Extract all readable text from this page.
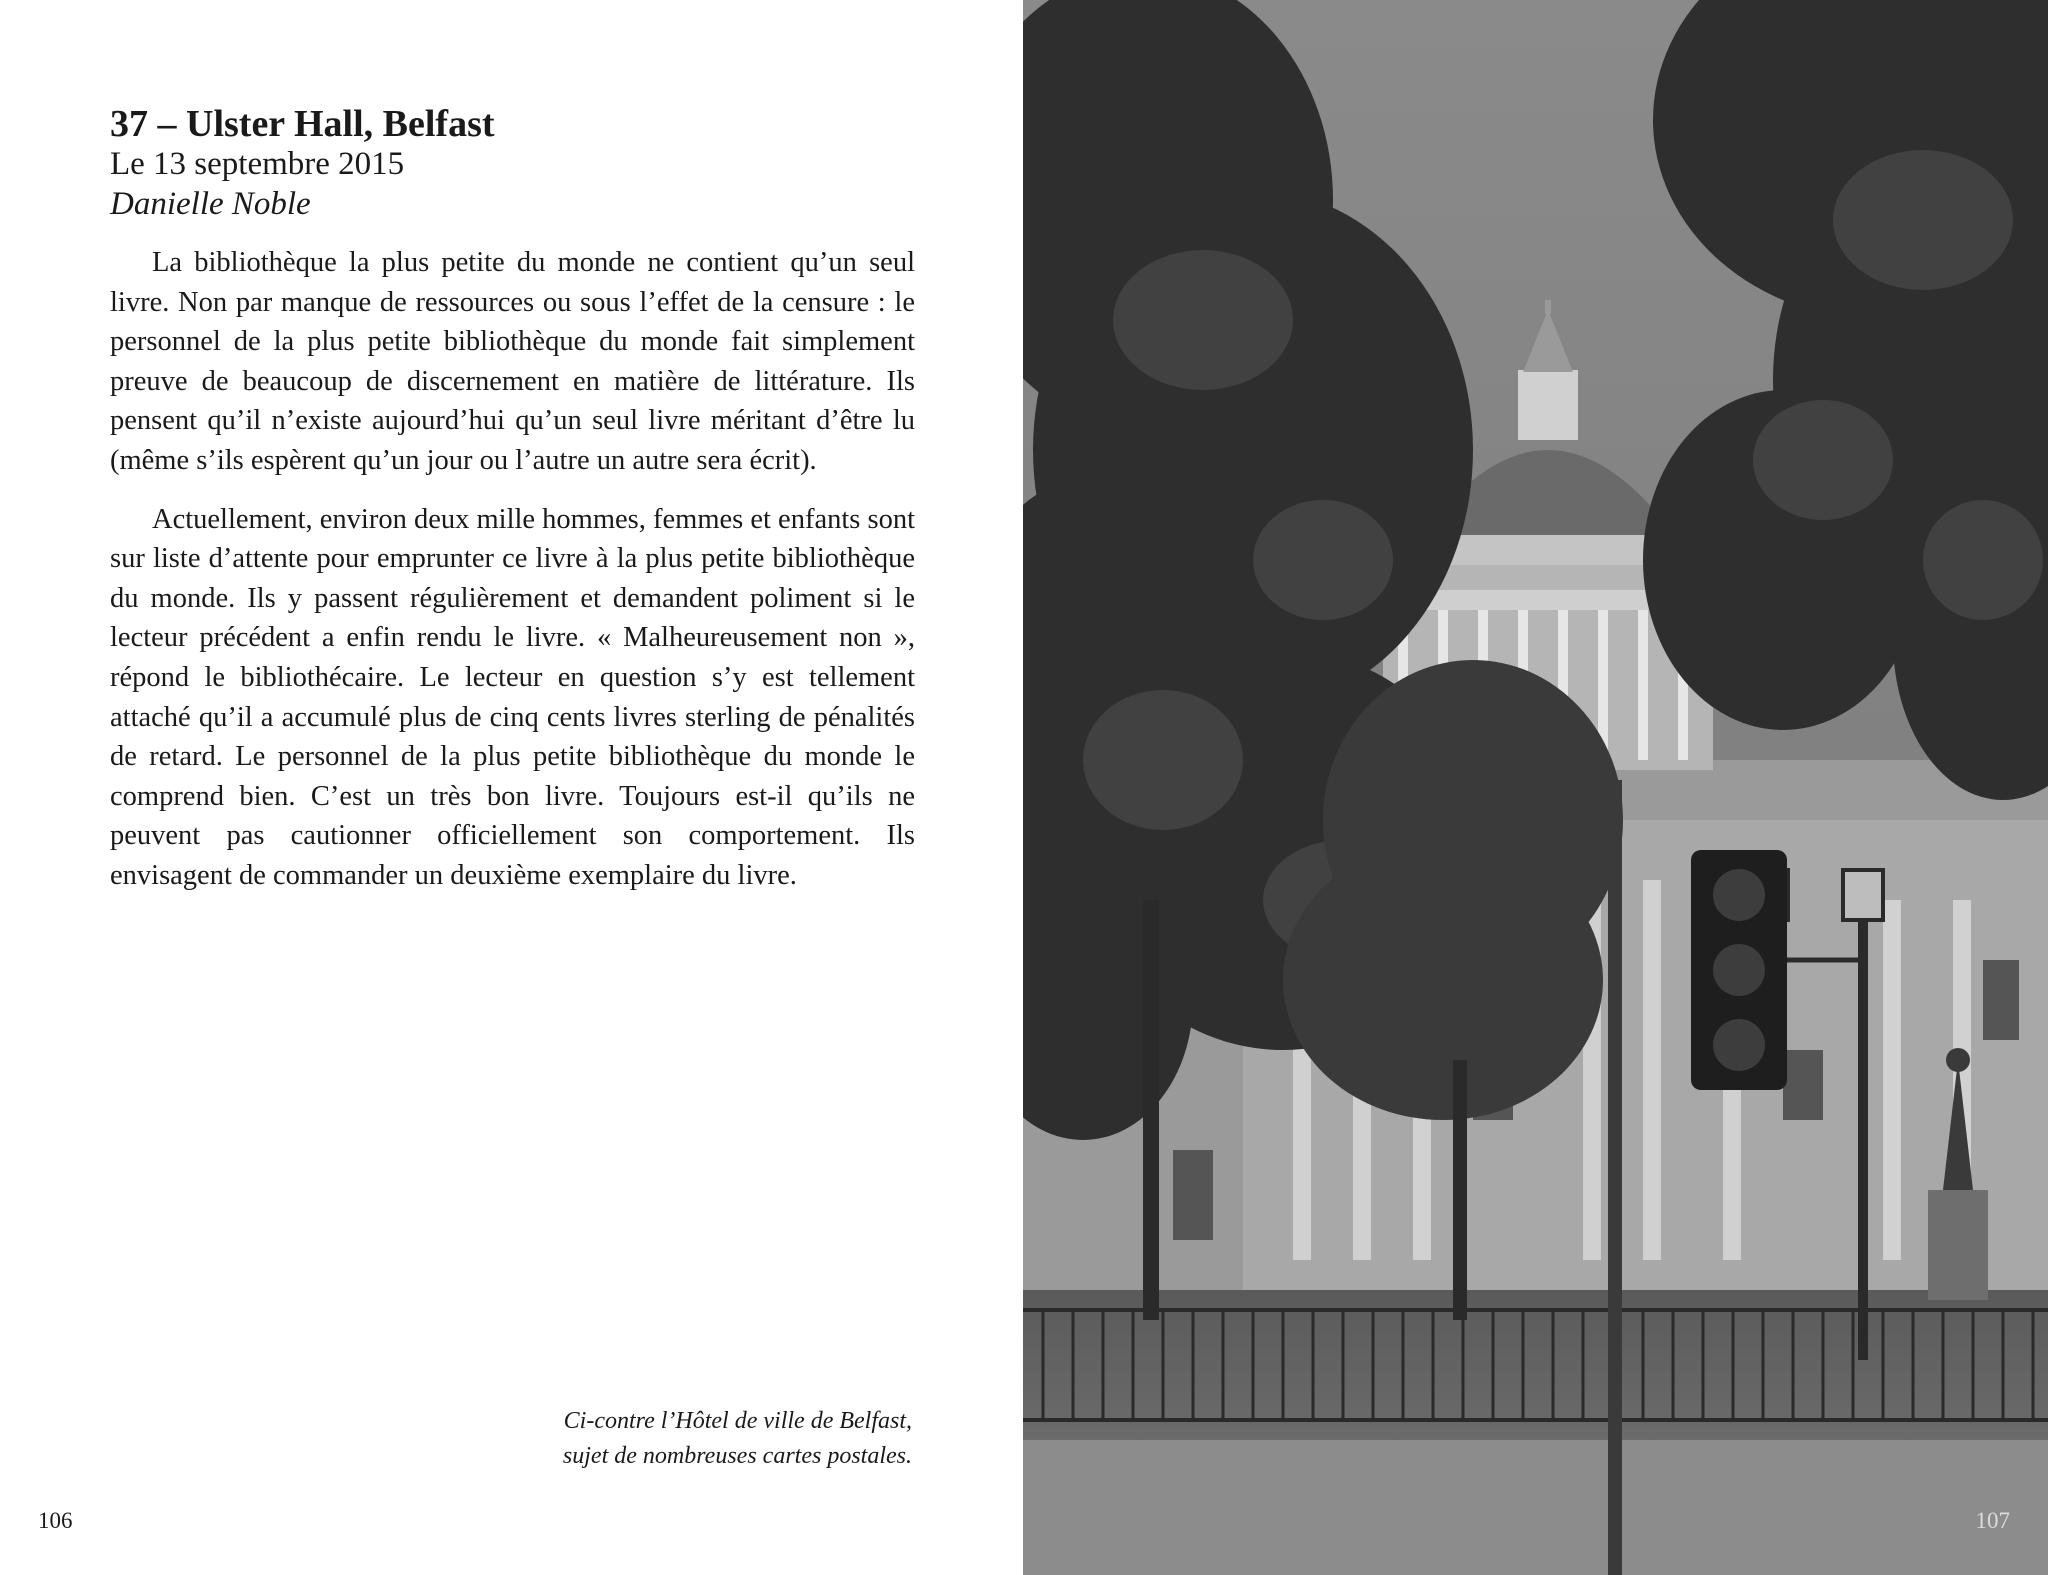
37 – Ulster Hall, Belfast

Le 13 septembre 2015

Danielle Noble

La bibliothèque la plus petite du monde ne contient qu’un seul livre. Non par manque de ressources ou sous l’effet de la censure : le personnel de la plus petite bibliothèque du monde fait simplement preuve de beaucoup de discernement en matière de littérature. Ils pensent qu’il n’existe aujourd’hui qu’un seul livre méritant d’être lu (même s’ils espèrent qu’un jour ou l’autre un autre sera écrit).

Actuellement, environ deux mille hommes, femmes et enfants sont sur liste d’attente pour emprunter ce livre à la plus petite bibliothèque du monde. Ils y passent régulièrement et demandent poliment si le lecteur précédent a enfin rendu le livre. « Malheureusement non », répond le bibliothécaire. Le lecteur en question s’y est tellement attaché qu’il a accumulé plus de cinq cents livres sterling de pénalités de retard. Le personnel de la plus petite bibliothèque du monde le comprend bien. C’est un très bon livre. Toujours est-il qu’ils ne peuvent pas cautionner officiellement son comportement. Ils envisagent de commander un deuxième exemplaire du livre.

Ci-contre l’Hôtel de ville de Belfast,
sujet de nombreuses cartes postales.
106	107
